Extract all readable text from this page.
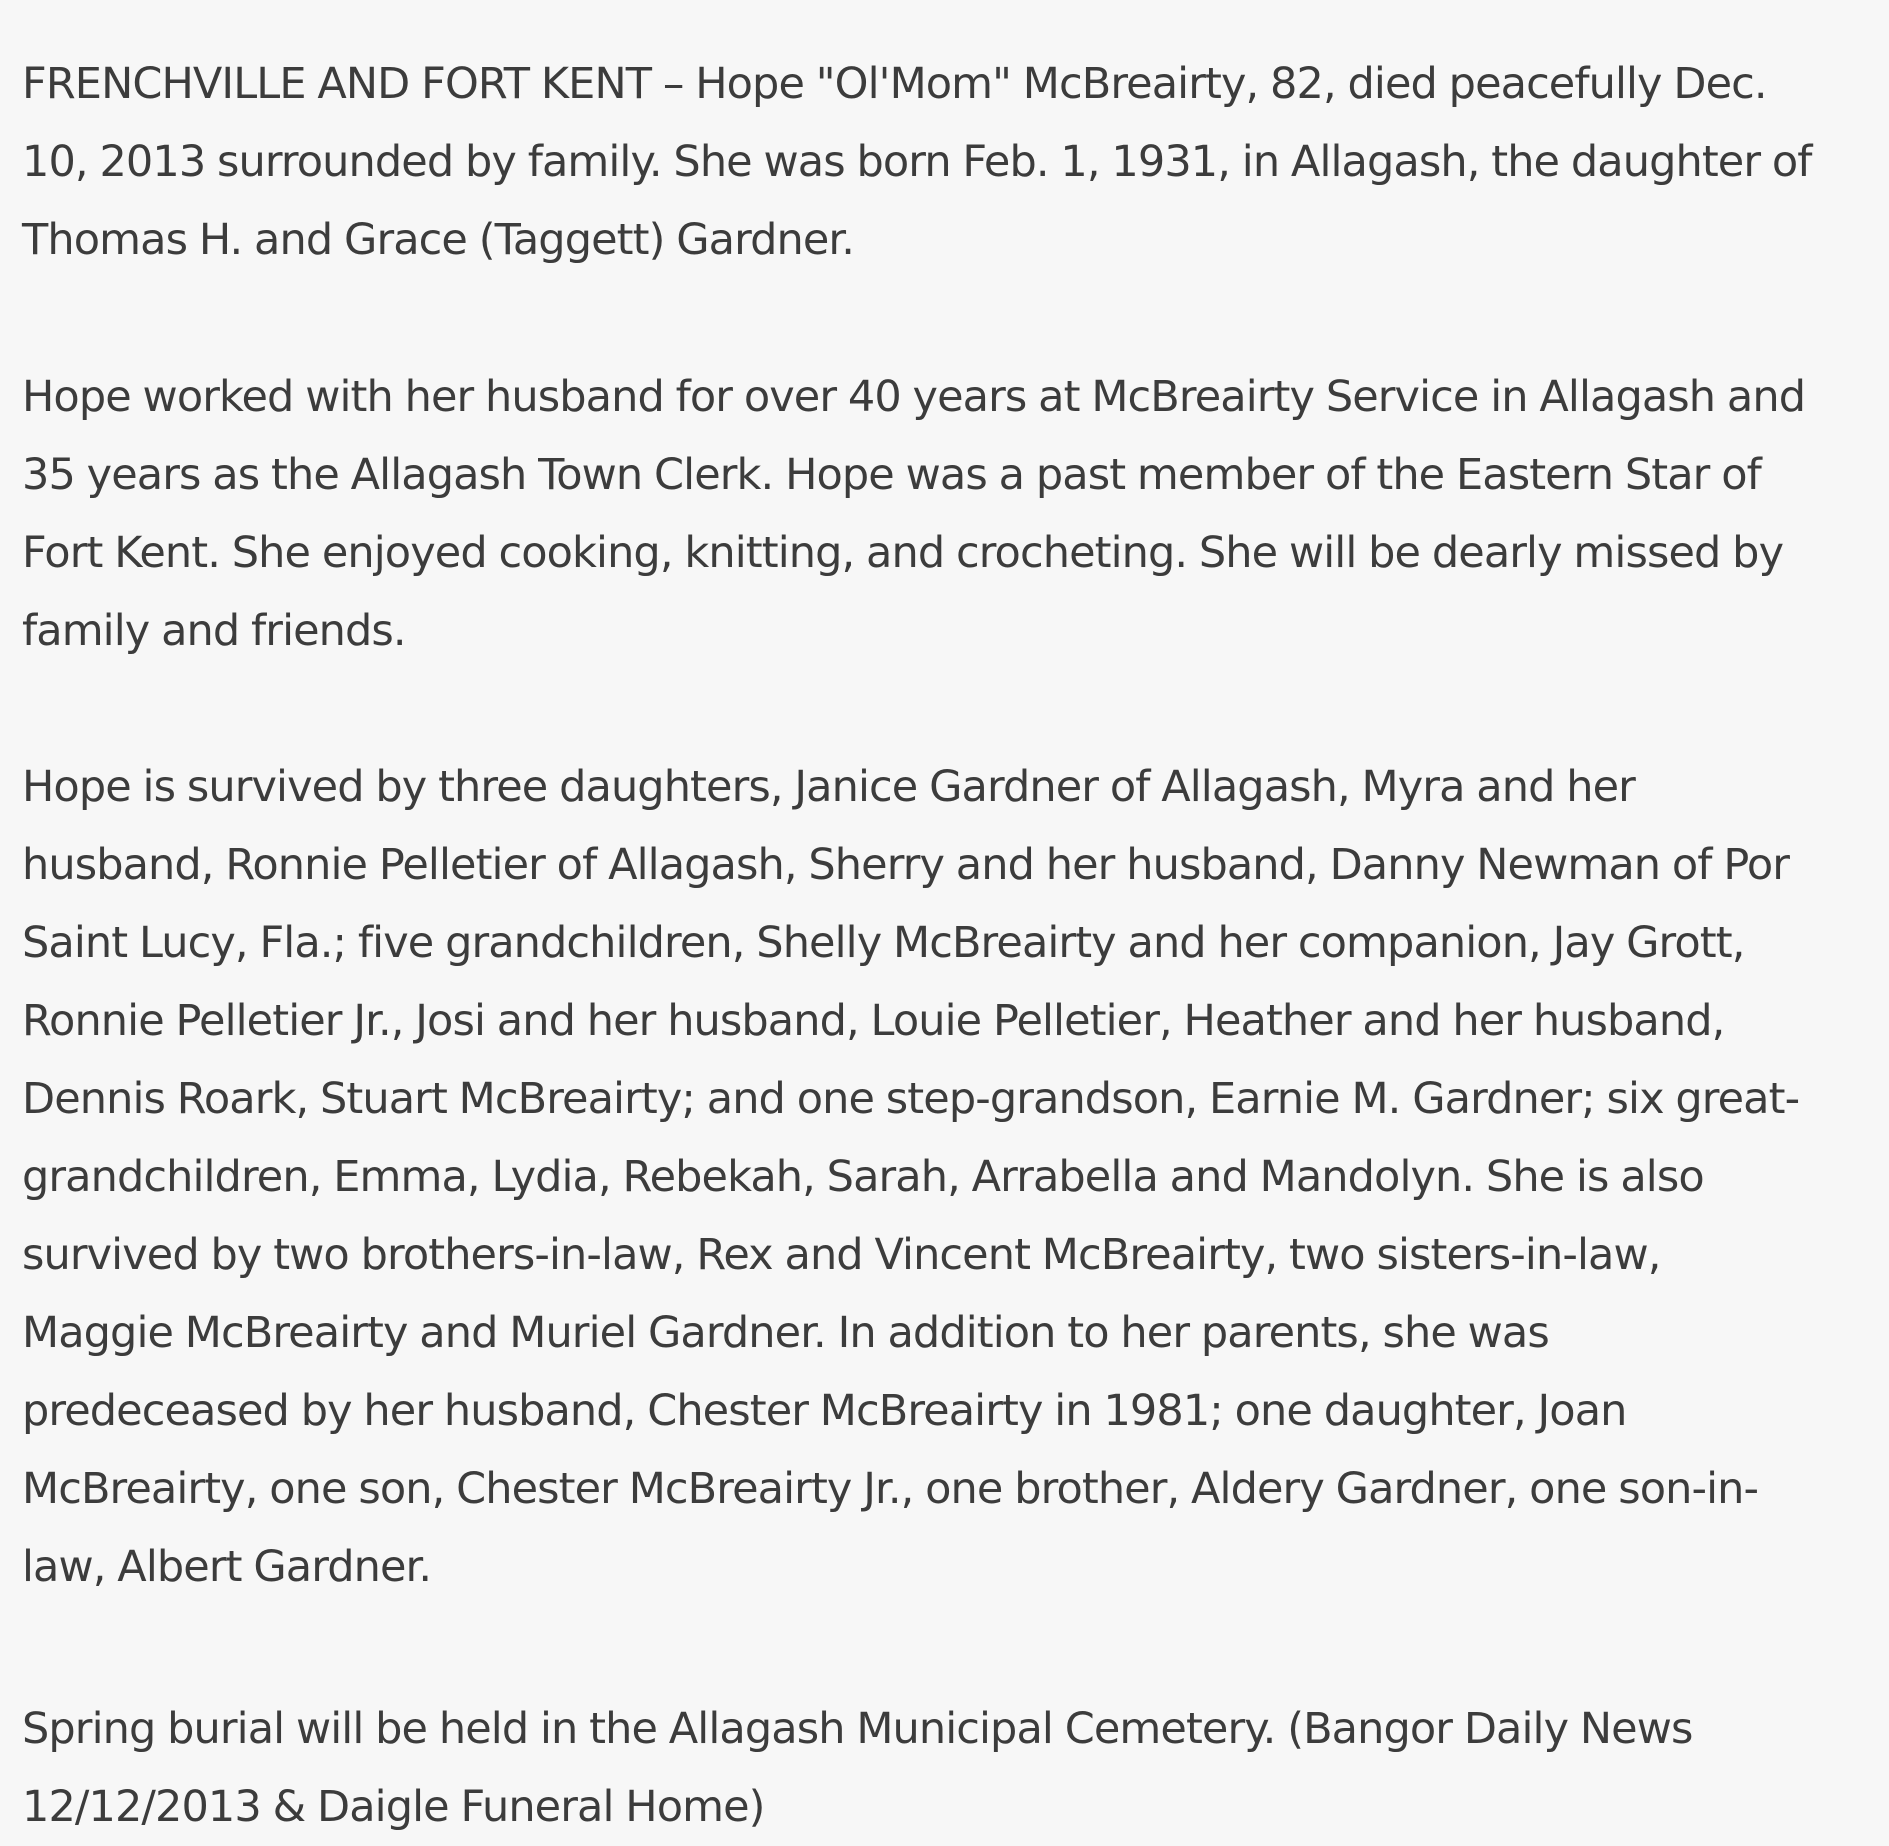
FRENCHVILLE AND FORT KENT – Hope "Ol'Mom" McBreairty, 82, died peacefully Dec.
10, 2013 surrounded by family. She was born Feb. 1, 1931, in Allagash, the daughter of
Thomas H. and Grace (Taggett) Gardner.

Hope worked with her husband for over 40 years at McBreairty Service in Allagash and
35 years as the Allagash Town Clerk. Hope was a past member of the Eastern Star of
Fort Kent. She enjoyed cooking, knitting, and crocheting. She will be dearly missed by
family and friends.

Hope is survived by three daughters, Janice Gardner of Allagash, Myra and her
husband, Ronnie Pelletier of Allagash, Sherry and her husband, Danny Newman of Por
Saint Lucy, Fla.; five grandchildren, Shelly McBreairty and her companion, Jay Grott,
Ronnie Pelletier Jr., Josi and her husband, Louie Pelletier, Heather and her husband,
Dennis Roark, Stuart McBreairty; and one step-grandson, Earnie M. Gardner; six great-
grandchildren, Emma, Lydia, Rebekah, Sarah, Arrabella and Mandolyn. She is also
survived by two brothers-in-law, Rex and Vincent McBreairty, two sisters-in-law,
Maggie McBreairty and Muriel Gardner. In addition to her parents, she was
predeceased by her husband, Chester McBreairty in 1981; one daughter, Joan
McBreairty, one son, Chester McBreairty Jr., one brother, Aldery Gardner, one son-in-
law, Albert Gardner.

Spring burial will be held in the Allagash Municipal Cemetery. (Bangor Daily News
12/12/2013 & Daigle Funeral Home)
